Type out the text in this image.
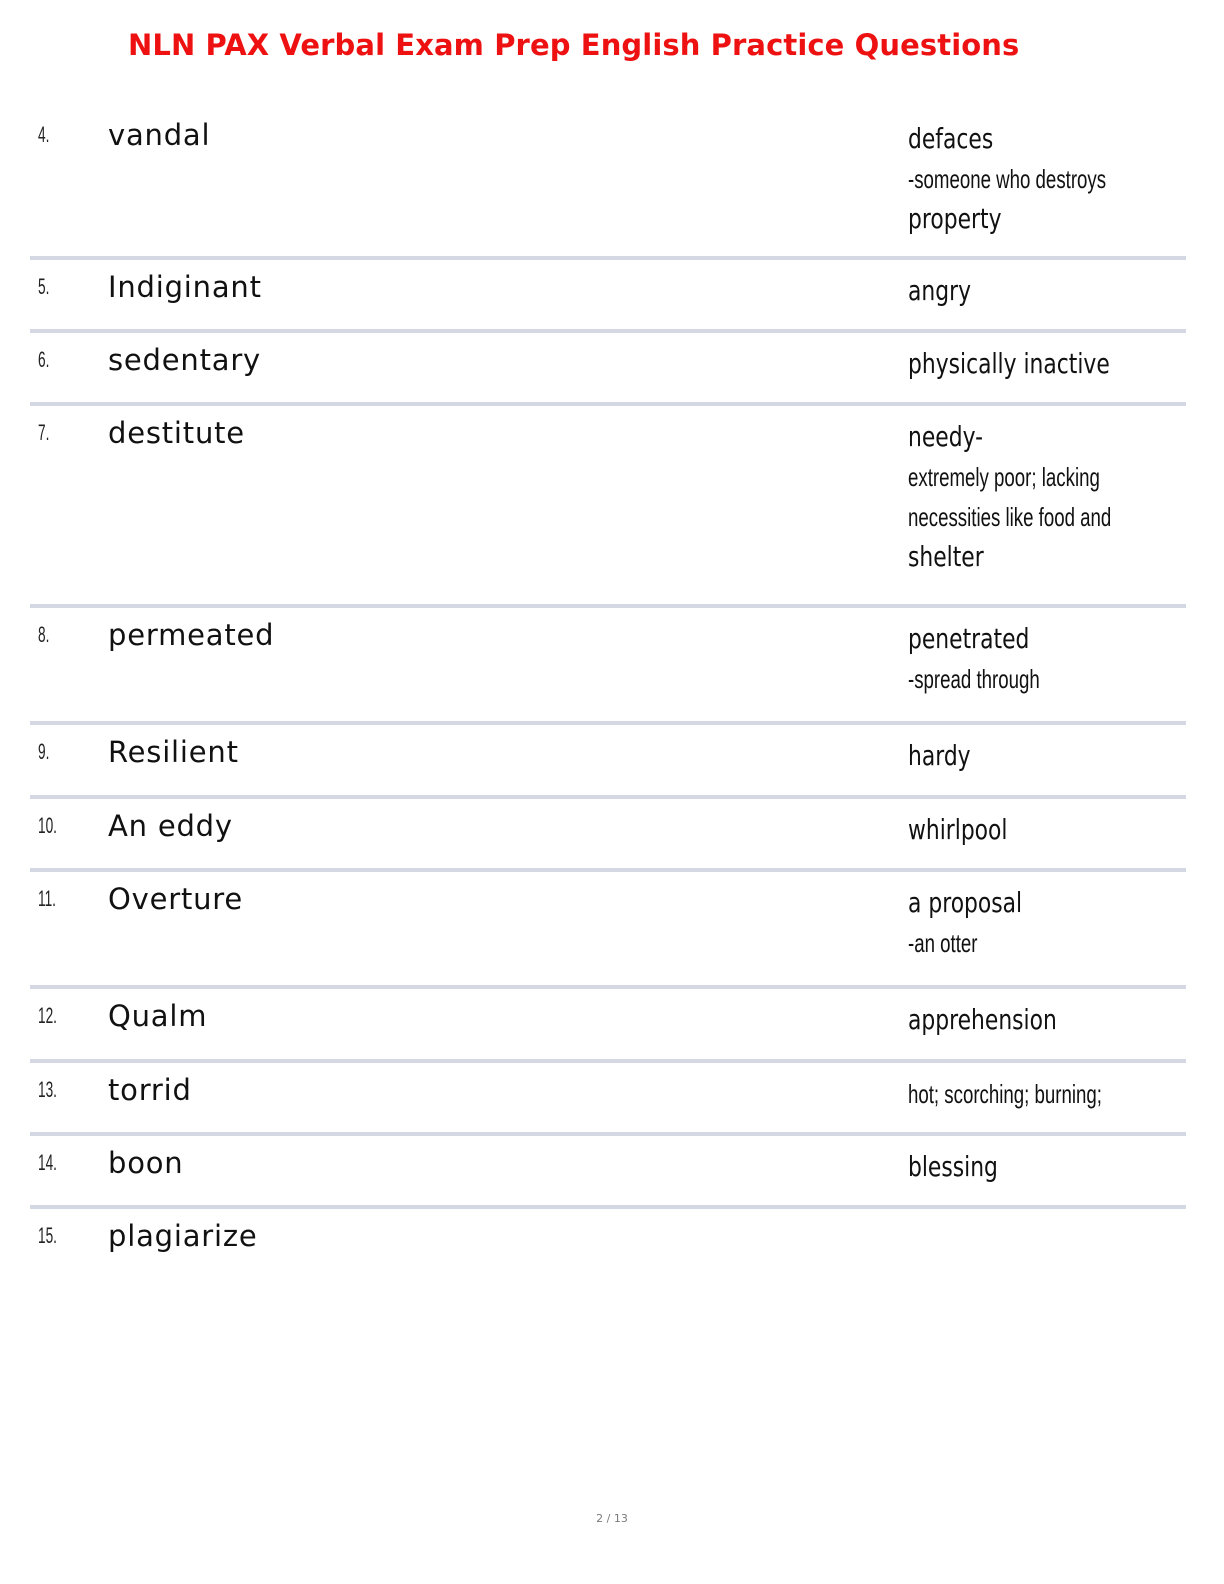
NLN PAX Verbal Exam Prep English Practice Questions
4. vandal	defaces
-someone who destroys
property
5. Indiginant	angry
6. sedentary	physically inactive
7. destitute	needy-
extremely poor; lacking
necessities like food and
shelter
8. permeated	penetrated
-spread through
9. Resilient	hardy
10. An eddy	whirlpool
11. Overture	a proposal
-an otter
12. Qualm	apprehension
13. torrid	hot; scorching; burning;
14. boon	blessing
15. plagiarize
2 / 13
